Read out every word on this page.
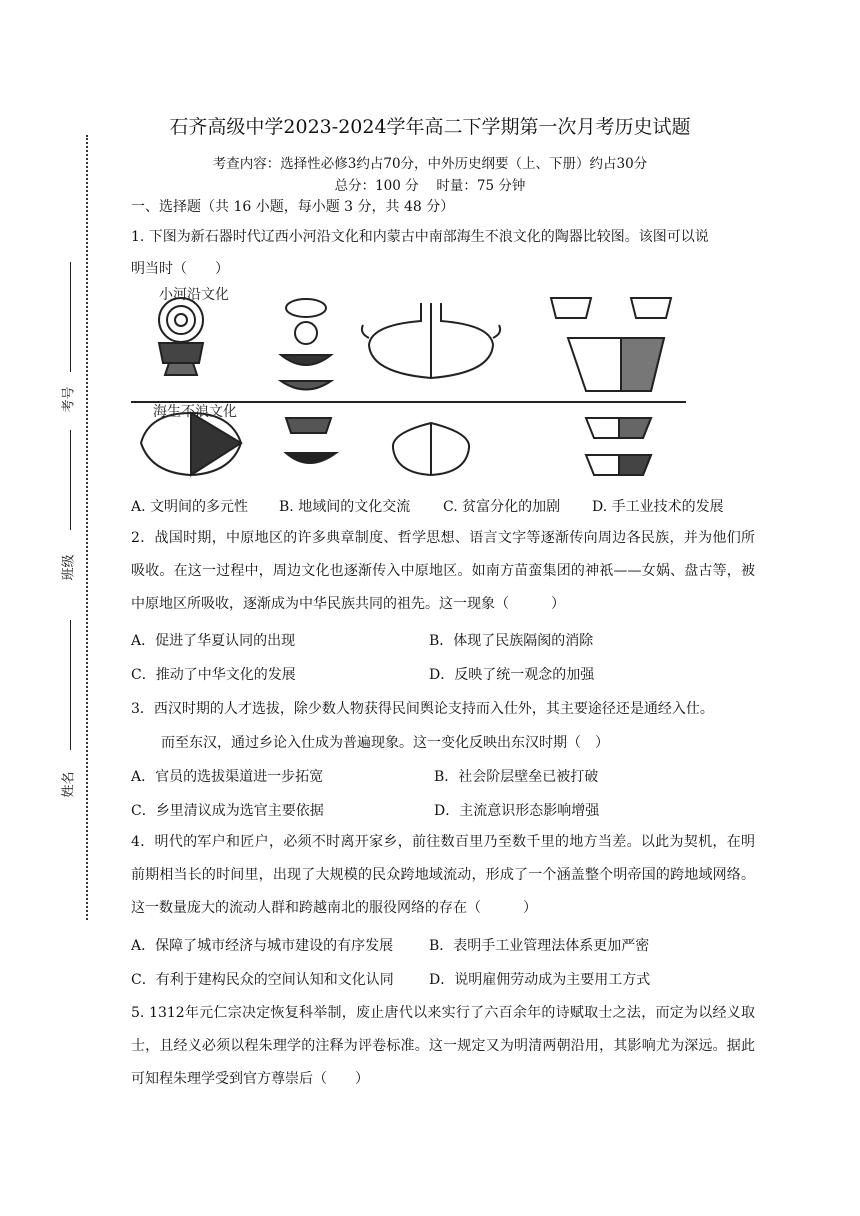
考号
班级
姓名
石齐高级中学2023-2024学年高二下学期第一次月考历史试题
考查内容：选择性必修3约占70分，中外历史纲要（上、下册）约占30分
总分：100 分　 时量：75 分钟
一、选择题（共 16 小题，每小题 3 分，共 48 分）
1. 下图为新石器时代辽西小河沿文化和内蒙古中南部海生不浪文化的陶器比较图。该图可以说
明当时（　　）
小河沿文化
海生不浪文化
A. 文明间的多元性 B. 地域间的文化交流 C. 贫富分化的加剧 D. 手工业技术的发展
2．战国时期，中原地区的许多典章制度、哲学思想、语言文字等逐渐传向周边各民族，并为他们所吸收。在这一过程中，周边文化也逐渐传入中原地区。如南方苗蛮集团的神祇——女娲、盘古等，被中原地区所吸收，逐渐成为中华民族共同的祖先。这一现象（　　　）
A．促进了华夏认同的出现	B．体现了民族隔阂的消除
C．推动了中华文化的发展	D．反映了统一观念的加强
3．西汉时期的人才选拔，除少数人物获得民间舆论支持而入仕外，其主要途径还是通经入仕。
而至东汉，通过乡论入仕成为普遍现象。这一变化反映出东汉时期（　）
A．官员的选拔渠道进一步拓宽	B．社会阶层壁垒已被打破
C．乡里清议成为选官主要依据	D．主流意识形态影响增强
4．明代的军户和匠户，必须不时离开家乡，前往数百里乃至数千里的地方当差。以此为契机，在明前期相当长的时间里，出现了大规模的民众跨地域流动，形成了一个涵盖整个明帝国的跨地域网络。这一数量庞大的流动人群和跨越南北的服役网络的存在（　　　）
A．保障了城市经济与城市建设的有序发展	B．表明手工业管理法体系更加严密
C．有利于建构民众的空间认知和文化认同	D．说明雇佣劳动成为主要用工方式
5. 1312年元仁宗决定恢复科举制，废止唐代以来实行了六百余年的诗赋取士之法，而定为以经义取士，且经义必须以程朱理学的注释为评卷标准。这一规定又为明清两朝沿用，其影响尤为深远。据此可知程朱理学受到官方尊崇后（　　）
